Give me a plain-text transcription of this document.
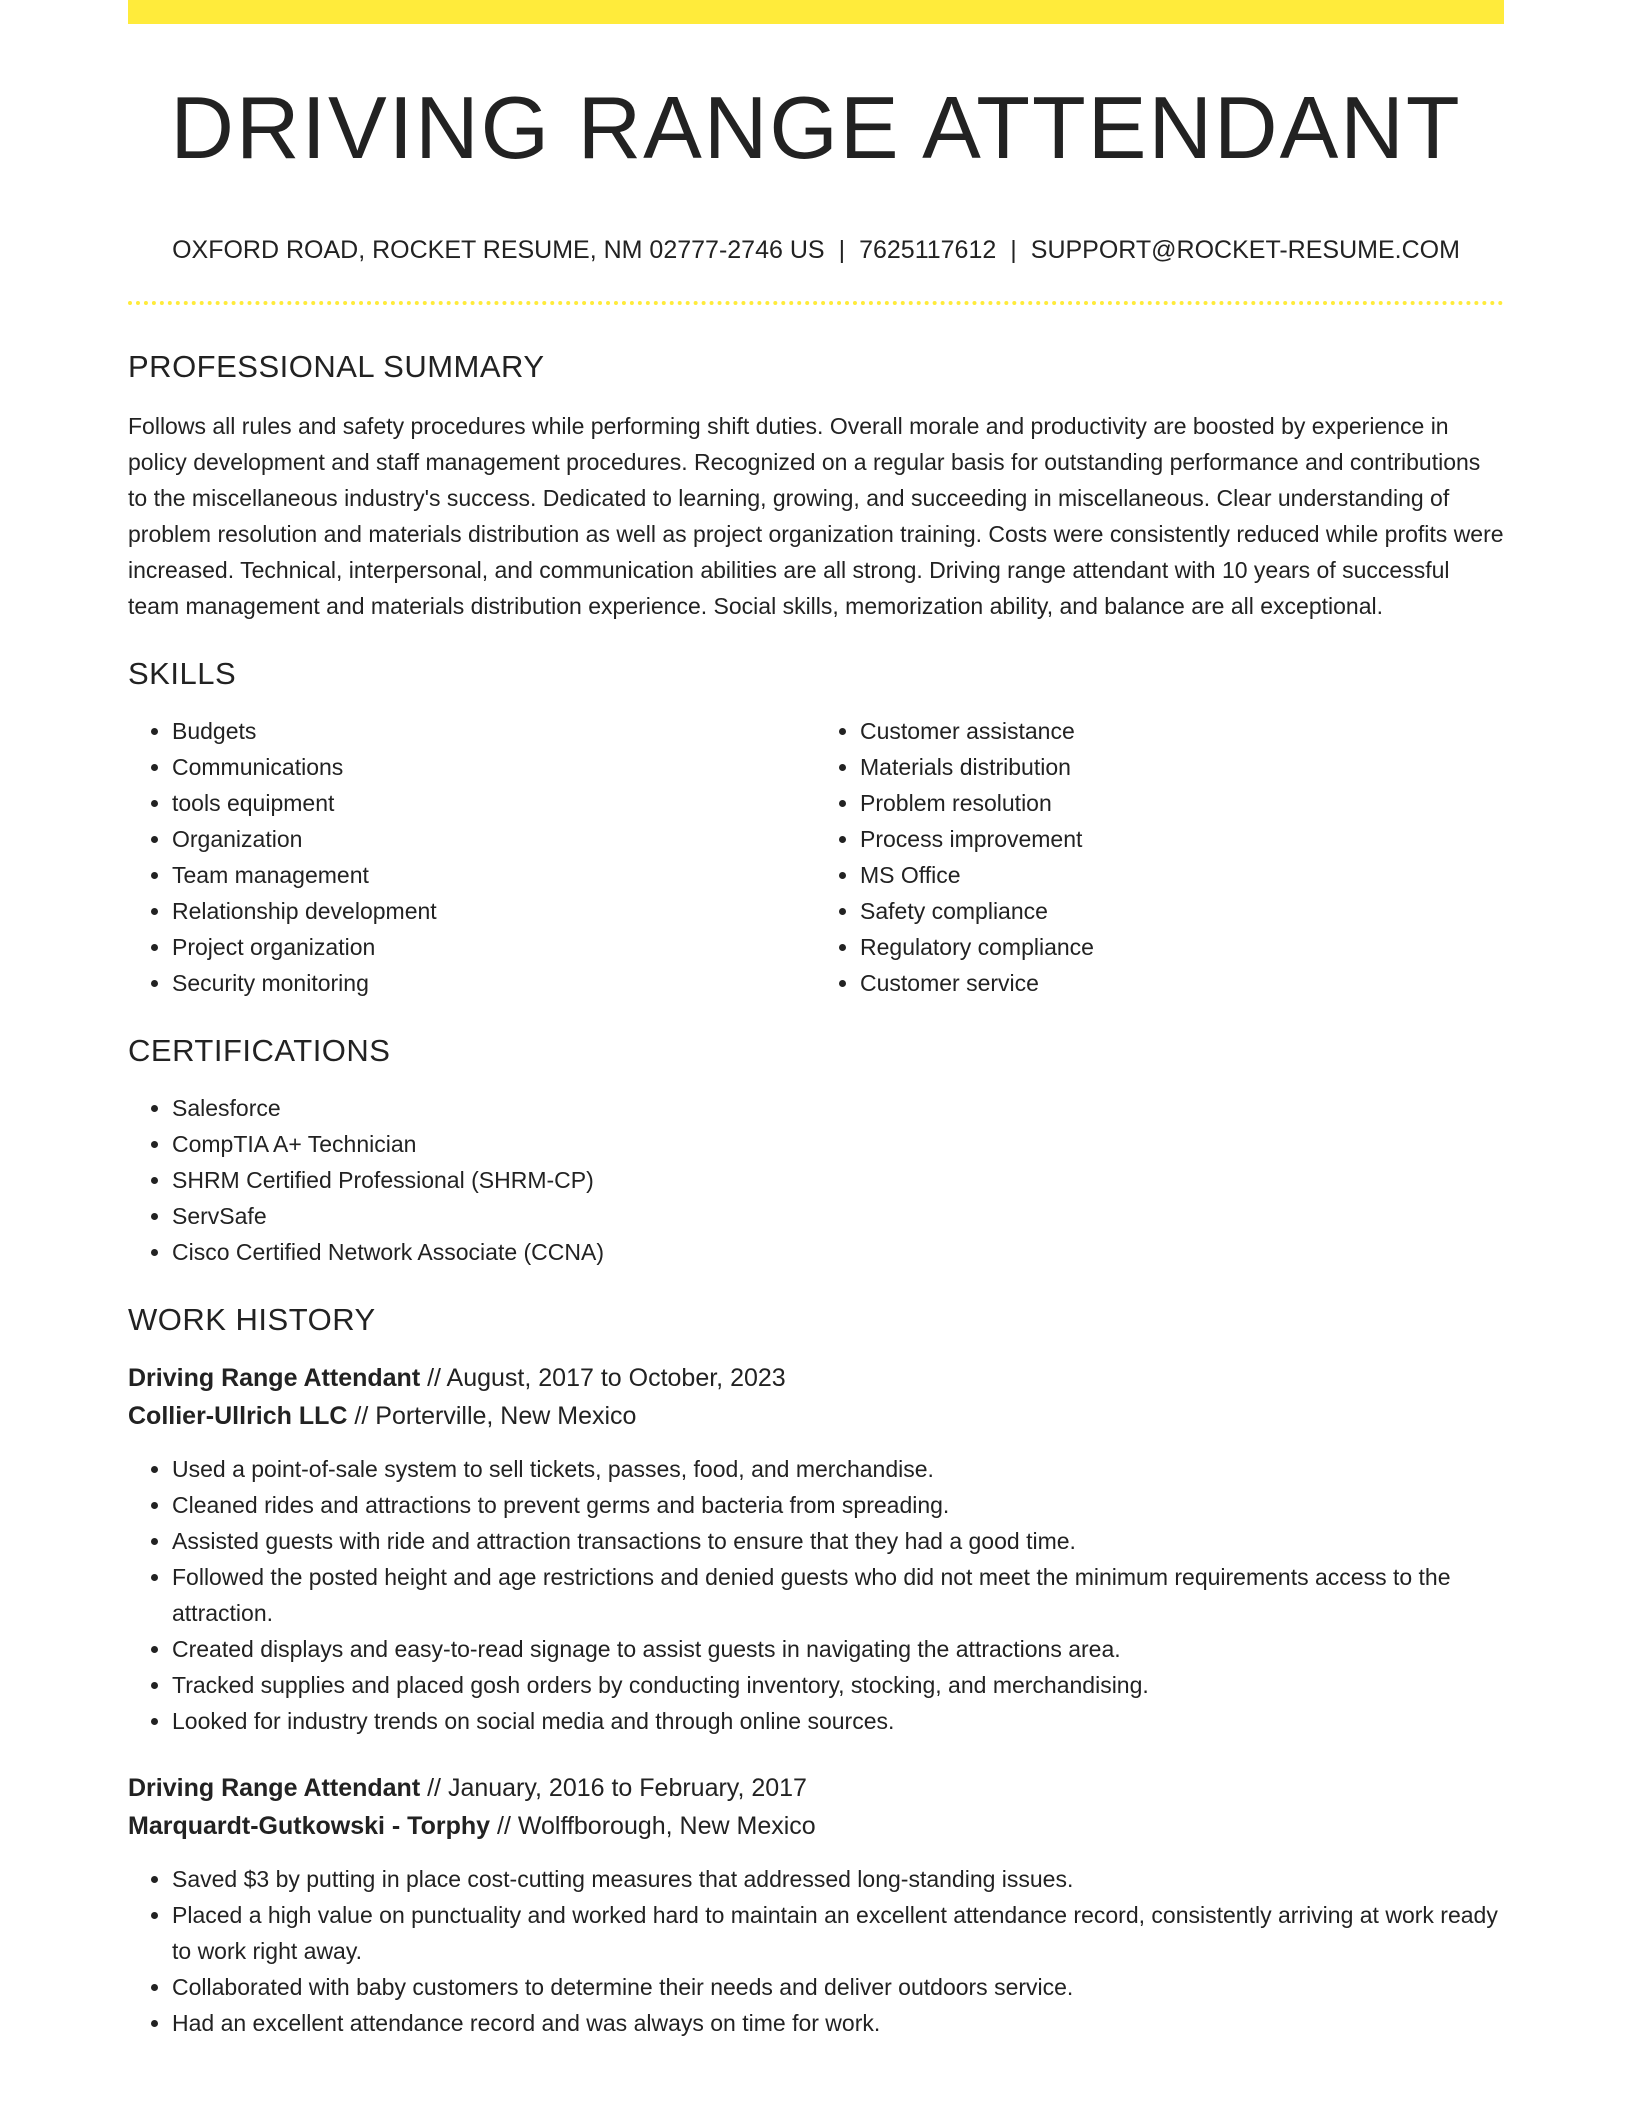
DRIVING RANGE ATTENDANT
OXFORD ROAD, ROCKET RESUME, NM 02777-2746 US | 7625117612 | SUPPORT@ROCKET-RESUME.COM
PROFESSIONAL SUMMARY
Follows all rules and safety procedures while performing shift duties. Overall morale and productivity are boosted by experience in policy development and staff management procedures. Recognized on a regular basis for outstanding performance and contributions to the miscellaneous industry's success. Dedicated to learning, growing, and succeeding in miscellaneous. Clear understanding of problem resolution and materials distribution as well as project organization training. Costs were consistently reduced while profits were increased. Technical, interpersonal, and communication abilities are all strong. Driving range attendant with 10 years of successful team management and materials distribution experience. Social skills, memorization ability, and balance are all exceptional.
SKILLS
• Budgets
• Communications
• tools equipment
• Organization
• Team management
• Relationship development
• Project organization
• Security monitoring
• Customer assistance
• Materials distribution
• Problem resolution
• Process improvement
• MS Office
• Safety compliance
• Regulatory compliance
• Customer service
CERTIFICATIONS
• Salesforce
• CompTIA A+ Technician
• SHRM Certified Professional (SHRM-CP)
• ServSafe
• Cisco Certified Network Associate (CCNA)
WORK HISTORY
Driving Range Attendant // August, 2017 to October, 2023
Collier-Ullrich LLC // Porterville, New Mexico
• Used a point-of-sale system to sell tickets, passes, food, and merchandise.
• Cleaned rides and attractions to prevent germs and bacteria from spreading.
• Assisted guests with ride and attraction transactions to ensure that they had a good time.
• Followed the posted height and age restrictions and denied guests who did not meet the minimum requirements access to the attraction.
• Created displays and easy-to-read signage to assist guests in navigating the attractions area.
• Tracked supplies and placed gosh orders by conducting inventory, stocking, and merchandising.
• Looked for industry trends on social media and through online sources.
Driving Range Attendant // January, 2016 to February, 2017
Marquardt-Gutkowski - Torphy // Wolffborough, New Mexico
• Saved $3 by putting in place cost-cutting measures that addressed long-standing issues.
• Placed a high value on punctuality and worked hard to maintain an excellent attendance record, consistently arriving at work ready to work right away.
• Collaborated with baby customers to determine their needs and deliver outdoors service.
• Had an excellent attendance record and was always on time for work.
